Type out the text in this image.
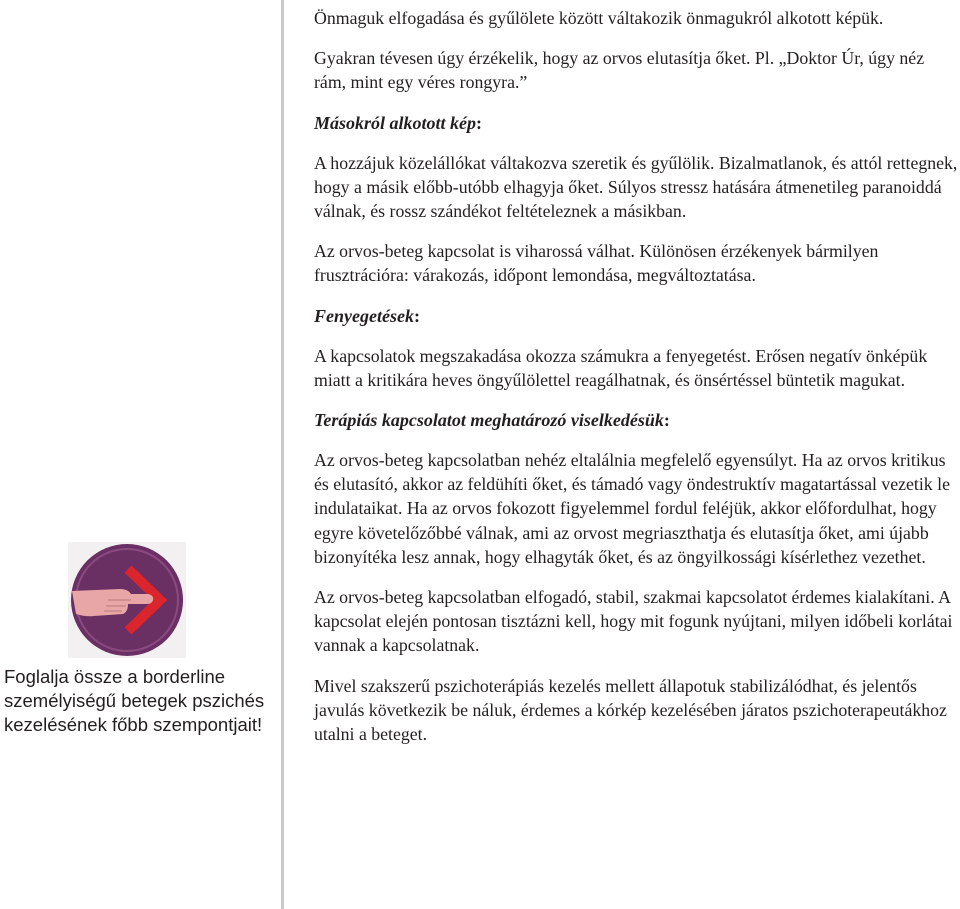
Foglalja össze a borderline személyiségű betegek pszichés kezelésének főbb szempontjait!

Önmaguk elfogadása és gyűlölete között váltakozik önmagukról alkotott képük.

Gyakran tévesen úgy érzékelik, hogy az orvos elutasítja őket. Pl. „Doktor Úr, úgy néz rám, mint egy véres rongyra.”

Másokról alkotott kép:

A hozzájuk közelállókat váltakozva szeretik és gyűlölik. Bizalmatlanok, és attól rettegnek, hogy a másik előbb-utóbb elhagyja őket. Súlyos stressz hatására átmenetileg paranoiddá válnak, és rossz szándékot feltételeznek a másikban.

Az orvos-beteg kapcsolat is viharossá válhat. Különösen érzékenyek bármilyen frusztrációra: várakozás, időpont lemondása, megváltoztatása.

Fenyegetések:

A kapcsolatok megszakadása okozza számukra a fenyegetést. Erősen negatív önképük miatt a kritikára heves öngyűlölettel reagálhatnak, és önsértéssel büntetik magukat.

Terápiás kapcsolatot meghatározó viselkedésük:

Az orvos-beteg kapcsolatban nehéz eltalálnia megfelelő egyensúlyt. Ha az orvos kritikus és elutasító, akkor az feldühíti őket, és támadó vagy öndestruktív magatartással vezetik le indulataikat. Ha az orvos fokozott figyelemmel fordul feléjük, akkor előfordulhat, hogy egyre követelőzőbbé válnak, ami az orvost megriaszthatja és elutasítja őket, ami újabb bizonyítéka lesz annak, hogy elhagyták őket, és az öngyilkossági kísérlethez vezethet.

Az orvos-beteg kapcsolatban elfogadó, stabil, szakmai kapcsolatot érdemes kialakítani. A kapcsolat elején pontosan tisztázni kell, hogy mit fogunk nyújtani, milyen időbeli korlátai vannak a kapcsolatnak.

Mivel szakszerű pszichoterápiás kezelés mellett állapotuk stabilizálódhat, és jelentős javulás következik be náluk, érdemes a kórkép kezelésében járatos pszichoterapeutákhoz utalni a beteget.
